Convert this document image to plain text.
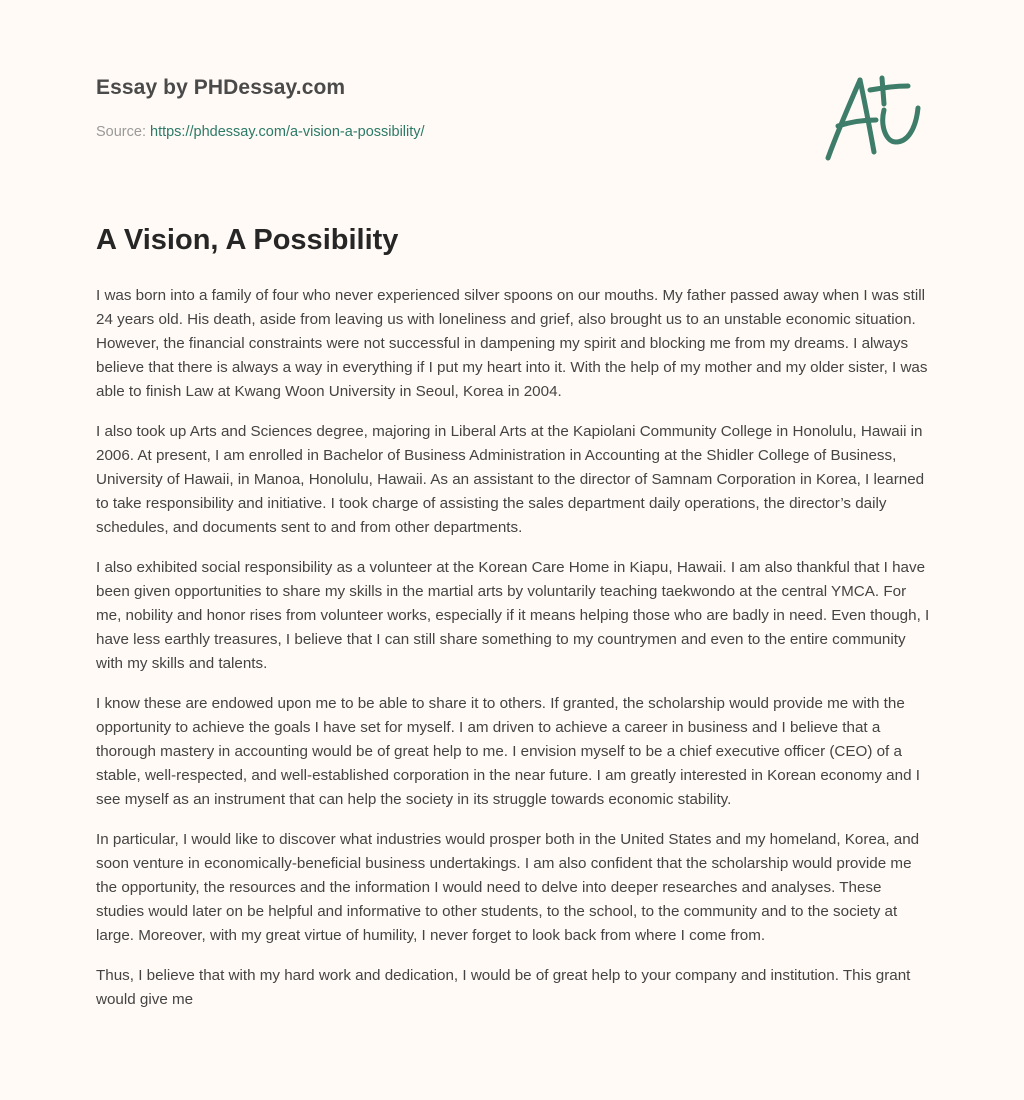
Essay by PHDessay.com
Source: https://phdessay.com/a-vision-a-possibility/
A Vision, A Possibility

I was born into a family of four who never experienced silver spoons on our mouths. My father passed away when I was still 24 years old. His death, aside from leaving us with loneliness and grief, also brought us to an unstable economic situation. However, the financial constraints were not successful in dampening my spirit and blocking me from my dreams. I always believe that there is always a way in everything if I put my heart into it. With the help of my mother and my older sister, I was able to finish Law at Kwang Woon University in Seoul, Korea in 2004.

I also took up Arts and Sciences degree, majoring in Liberal Arts at the Kapiolani Community College in Honolulu, Hawaii in 2006. At present, I am enrolled in Bachelor of Business Administration in Accounting at the Shidler College of Business, University of Hawaii, in Manoa, Honolulu, Hawaii. As an assistant to the director of Samnam Corporation in Korea, I learned to take responsibility and initiative. I took charge of assisting the sales department daily operations, the director’s daily schedules, and documents sent to and from other departments.

I also exhibited social responsibility as a volunteer at the Korean Care Home in Kiapu, Hawaii. I am also thankful that I have been given opportunities to share my skills in the martial arts by voluntarily teaching taekwondo at the central YMCA. For me, nobility and honor rises from volunteer works, especially if it means helping those who are badly in need. Even though, I have less earthly treasures, I believe that I can still share something to my countrymen and even to the entire community with my skills and talents.

I know these are endowed upon me to be able to share it to others. If granted, the scholarship would provide me with the opportunity to achieve the goals I have set for myself. I am driven to achieve a career in business and I believe that a thorough mastery in accounting would be of great help to me. I envision myself to be a chief executive officer (CEO) of a stable, well-respected, and well-established corporation in the near future. I am greatly interested in Korean economy and I see myself as an instrument that can help the society in its struggle towards economic stability.

In particular, I would like to discover what industries would prosper both in the United States and my homeland, Korea, and soon venture in economically-beneficial business undertakings. I am also confident that the scholarship would provide me the opportunity, the resources and the information I would need to delve into deeper researches and analyses. These studies would later on be helpful and informative to other students, to the school, to the community and to the society at large. Moreover, with my great virtue of humility, I never forget to look back from where I come from.

Thus, I believe that with my hard work and dedication, I would be of great help to your company and institution. This grant would give me
